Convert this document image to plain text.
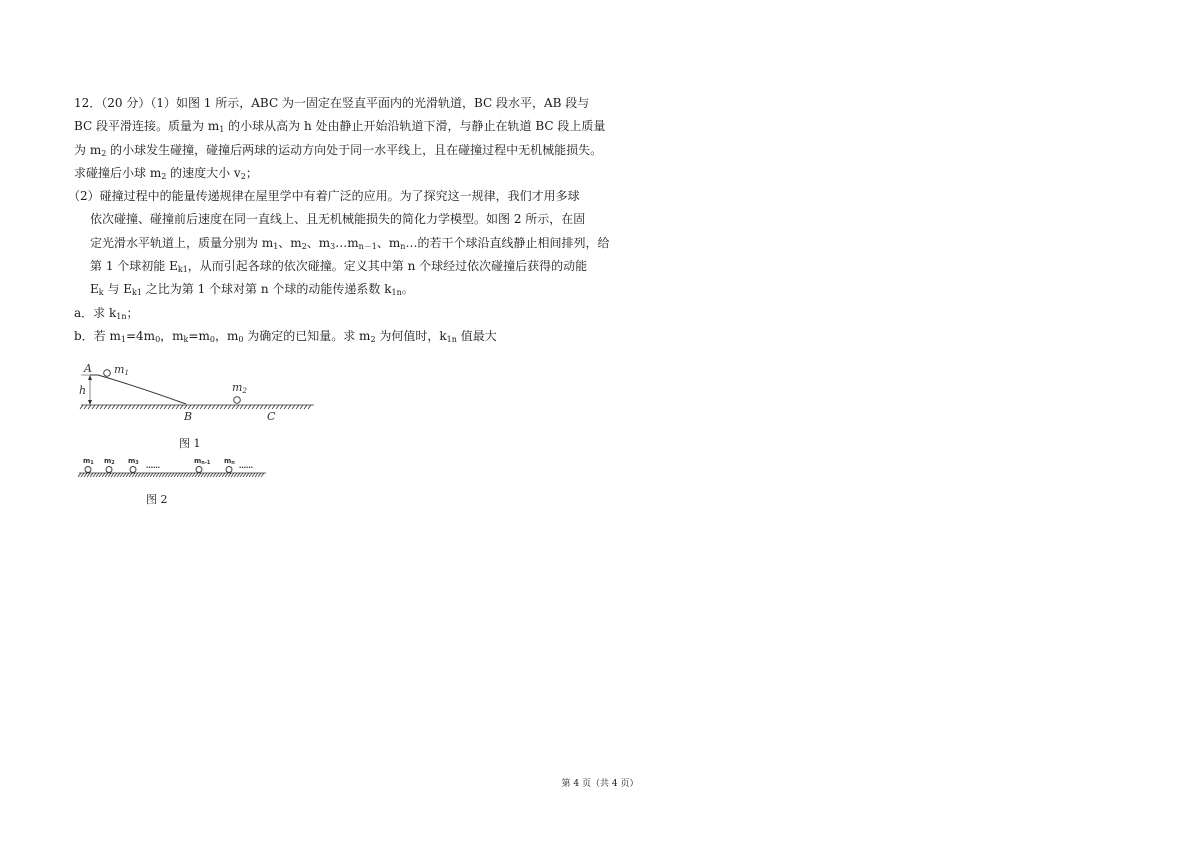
12．（20 分）（1）如图 1 所示，ABC 为一固定在竖直平面内的光滑轨道，BC 段水平，AB 段与
BC 段平滑连接。质量为 $m_1$ 的小球从高为 h 处由静止开始沿轨道下滑，与静止在轨道 BC 段上质量
为 $m_2$ 的小球发生碰撞，碰撞后两球的运动方向处于同一水平线上，且在碰撞过程中无机械能损失。
求碰撞后小球 $m_2$ 的速度大小 $v_2$；
（2）碰撞过程中的能量传递规律在屋里学中有着广泛的应用。为了探究这一规律，我们才用多球
依次碰撞、碰撞前后速度在同一直线上、且无机械能损失的简化力学模型。如图 2 所示，在固
定光滑水平轨道上，质量分别为 $m_1$、$m_2$、$m_3\dots m_{n-1}$、$m_n\dots$的若干个球沿直线静止相间排列，给
第 1 个球初能 $E_{k1}$，从而引起各球的依次碰撞。定义其中第 n 个球经过依次碰撞后获得的动能
$E_k$ 与 $E_{k1}$ 之比为第 1 个球对第 n 个球的动能传递系数 $k_{1n}$。
a．求 $k_{1n}$；
b．若 $m_1=4m_0$，$m_k=m_0$，$m_0$ 为确定的已知量。求 $m_2$ 为何值时，$k_{1n}$ 值最大
A
h
m1
m2
B	C
图 1
m1 m2 m3	mn-1 mn
……	……
图 2
第 4 页（共 4 页）
